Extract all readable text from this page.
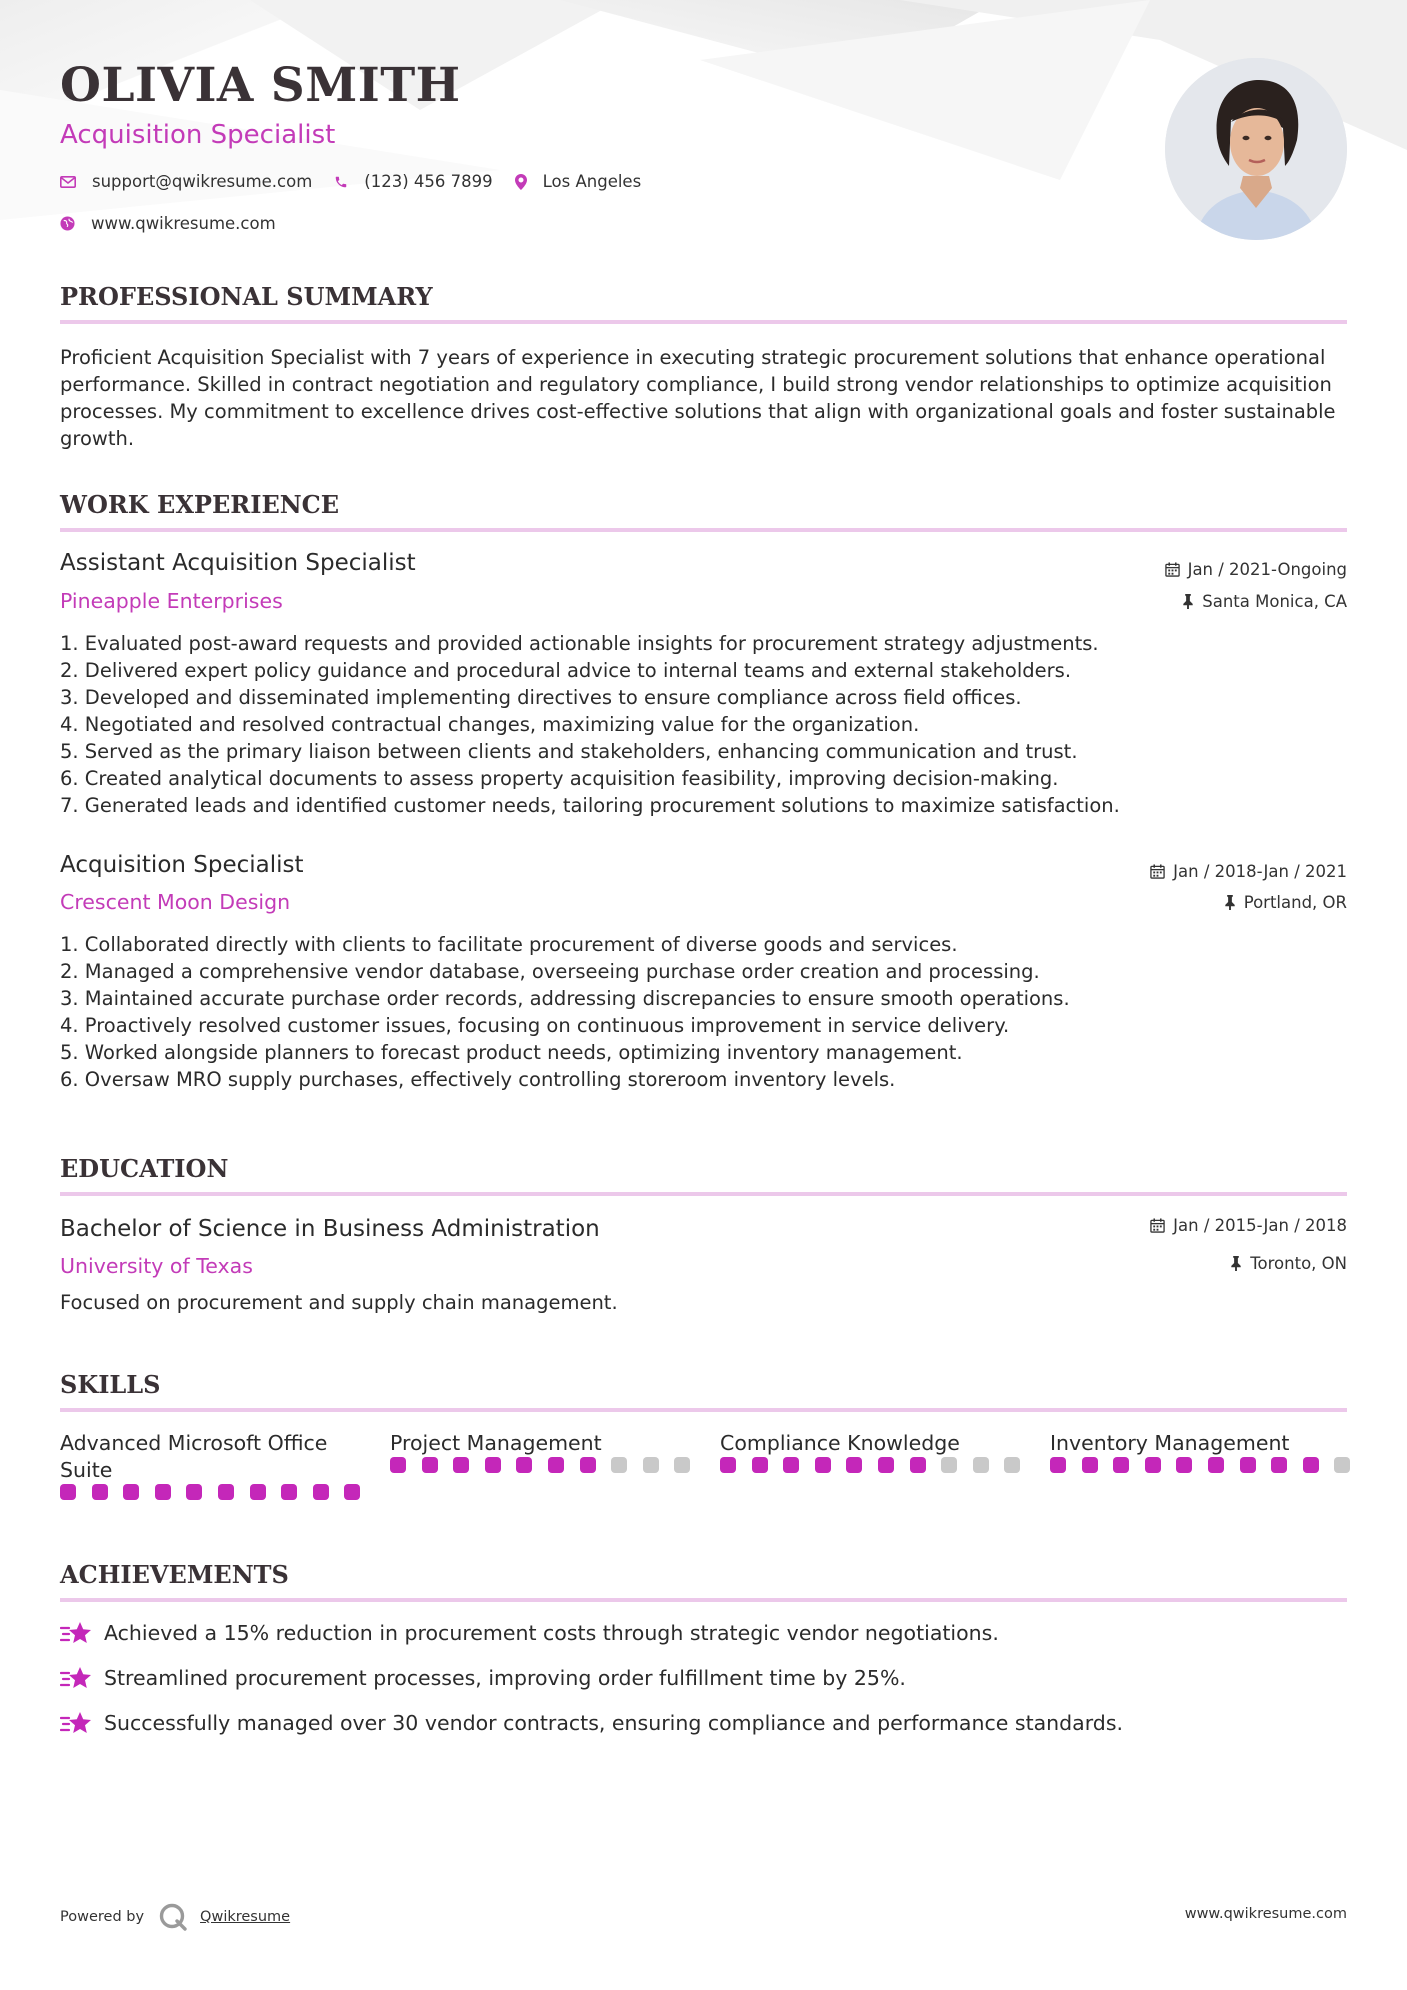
OLIVIA SMITH
Acquisition Specialist
support@qwikresume.com	(123) 456 7899	Los Angeles
www.qwikresume.com
PROFESSIONAL SUMMARY
Proficient Acquisition Specialist with 7 years of experience in executing strategic procurement solutions that enhance operational performance. Skilled in contract negotiation and regulatory compliance, I build strong vendor relationships to optimize acquisition processes. My commitment to excellence drives cost-effective solutions that align with organizational goals and foster sustainable growth.
WORK EXPERIENCE
Assistant Acquisition Specialist
Pineapple Enterprises
Jan / 2021-Ongoing
Santa Monica, CA
1. Evaluated post-award requests and provided actionable insights for procurement strategy adjustments.
2. Delivered expert policy guidance and procedural advice to internal teams and external stakeholders.
3. Developed and disseminated implementing directives to ensure compliance across field offices.
4. Negotiated and resolved contractual changes, maximizing value for the organization.
5. Served as the primary liaison between clients and stakeholders, enhancing communication and trust.
6. Created analytical documents to assess property acquisition feasibility, improving decision-making.
7. Generated leads and identified customer needs, tailoring procurement solutions to maximize satisfaction.
Acquisition Specialist
Crescent Moon Design
Jan / 2018-Jan / 2021
Portland, OR
1. Collaborated directly with clients to facilitate procurement of diverse goods and services.
2. Managed a comprehensive vendor database, overseeing purchase order creation and processing.
3. Maintained accurate purchase order records, addressing discrepancies to ensure smooth operations.
4. Proactively resolved customer issues, focusing on continuous improvement in service delivery.
5. Worked alongside planners to forecast product needs, optimizing inventory management.
6. Oversaw MRO supply purchases, effectively controlling storeroom inventory levels.
EDUCATION
Bachelor of Science in Business Administration
University of Texas
Jan / 2015-Jan / 2018
Toronto, ON
Focused on procurement and supply chain management.
SKILLS
Advanced Microsoft Office Suite
Project Management	Compliance Knowledge	Inventory Management
ACHIEVEMENTS
Achieved a 15% reduction in procurement costs through strategic vendor negotiations.
Streamlined procurement processes, improving order fulfillment time by 25%.
Successfully managed over 30 vendor contracts, ensuring compliance and performance standards.
Powered by	Qwikresume	www.qwikresume.com
